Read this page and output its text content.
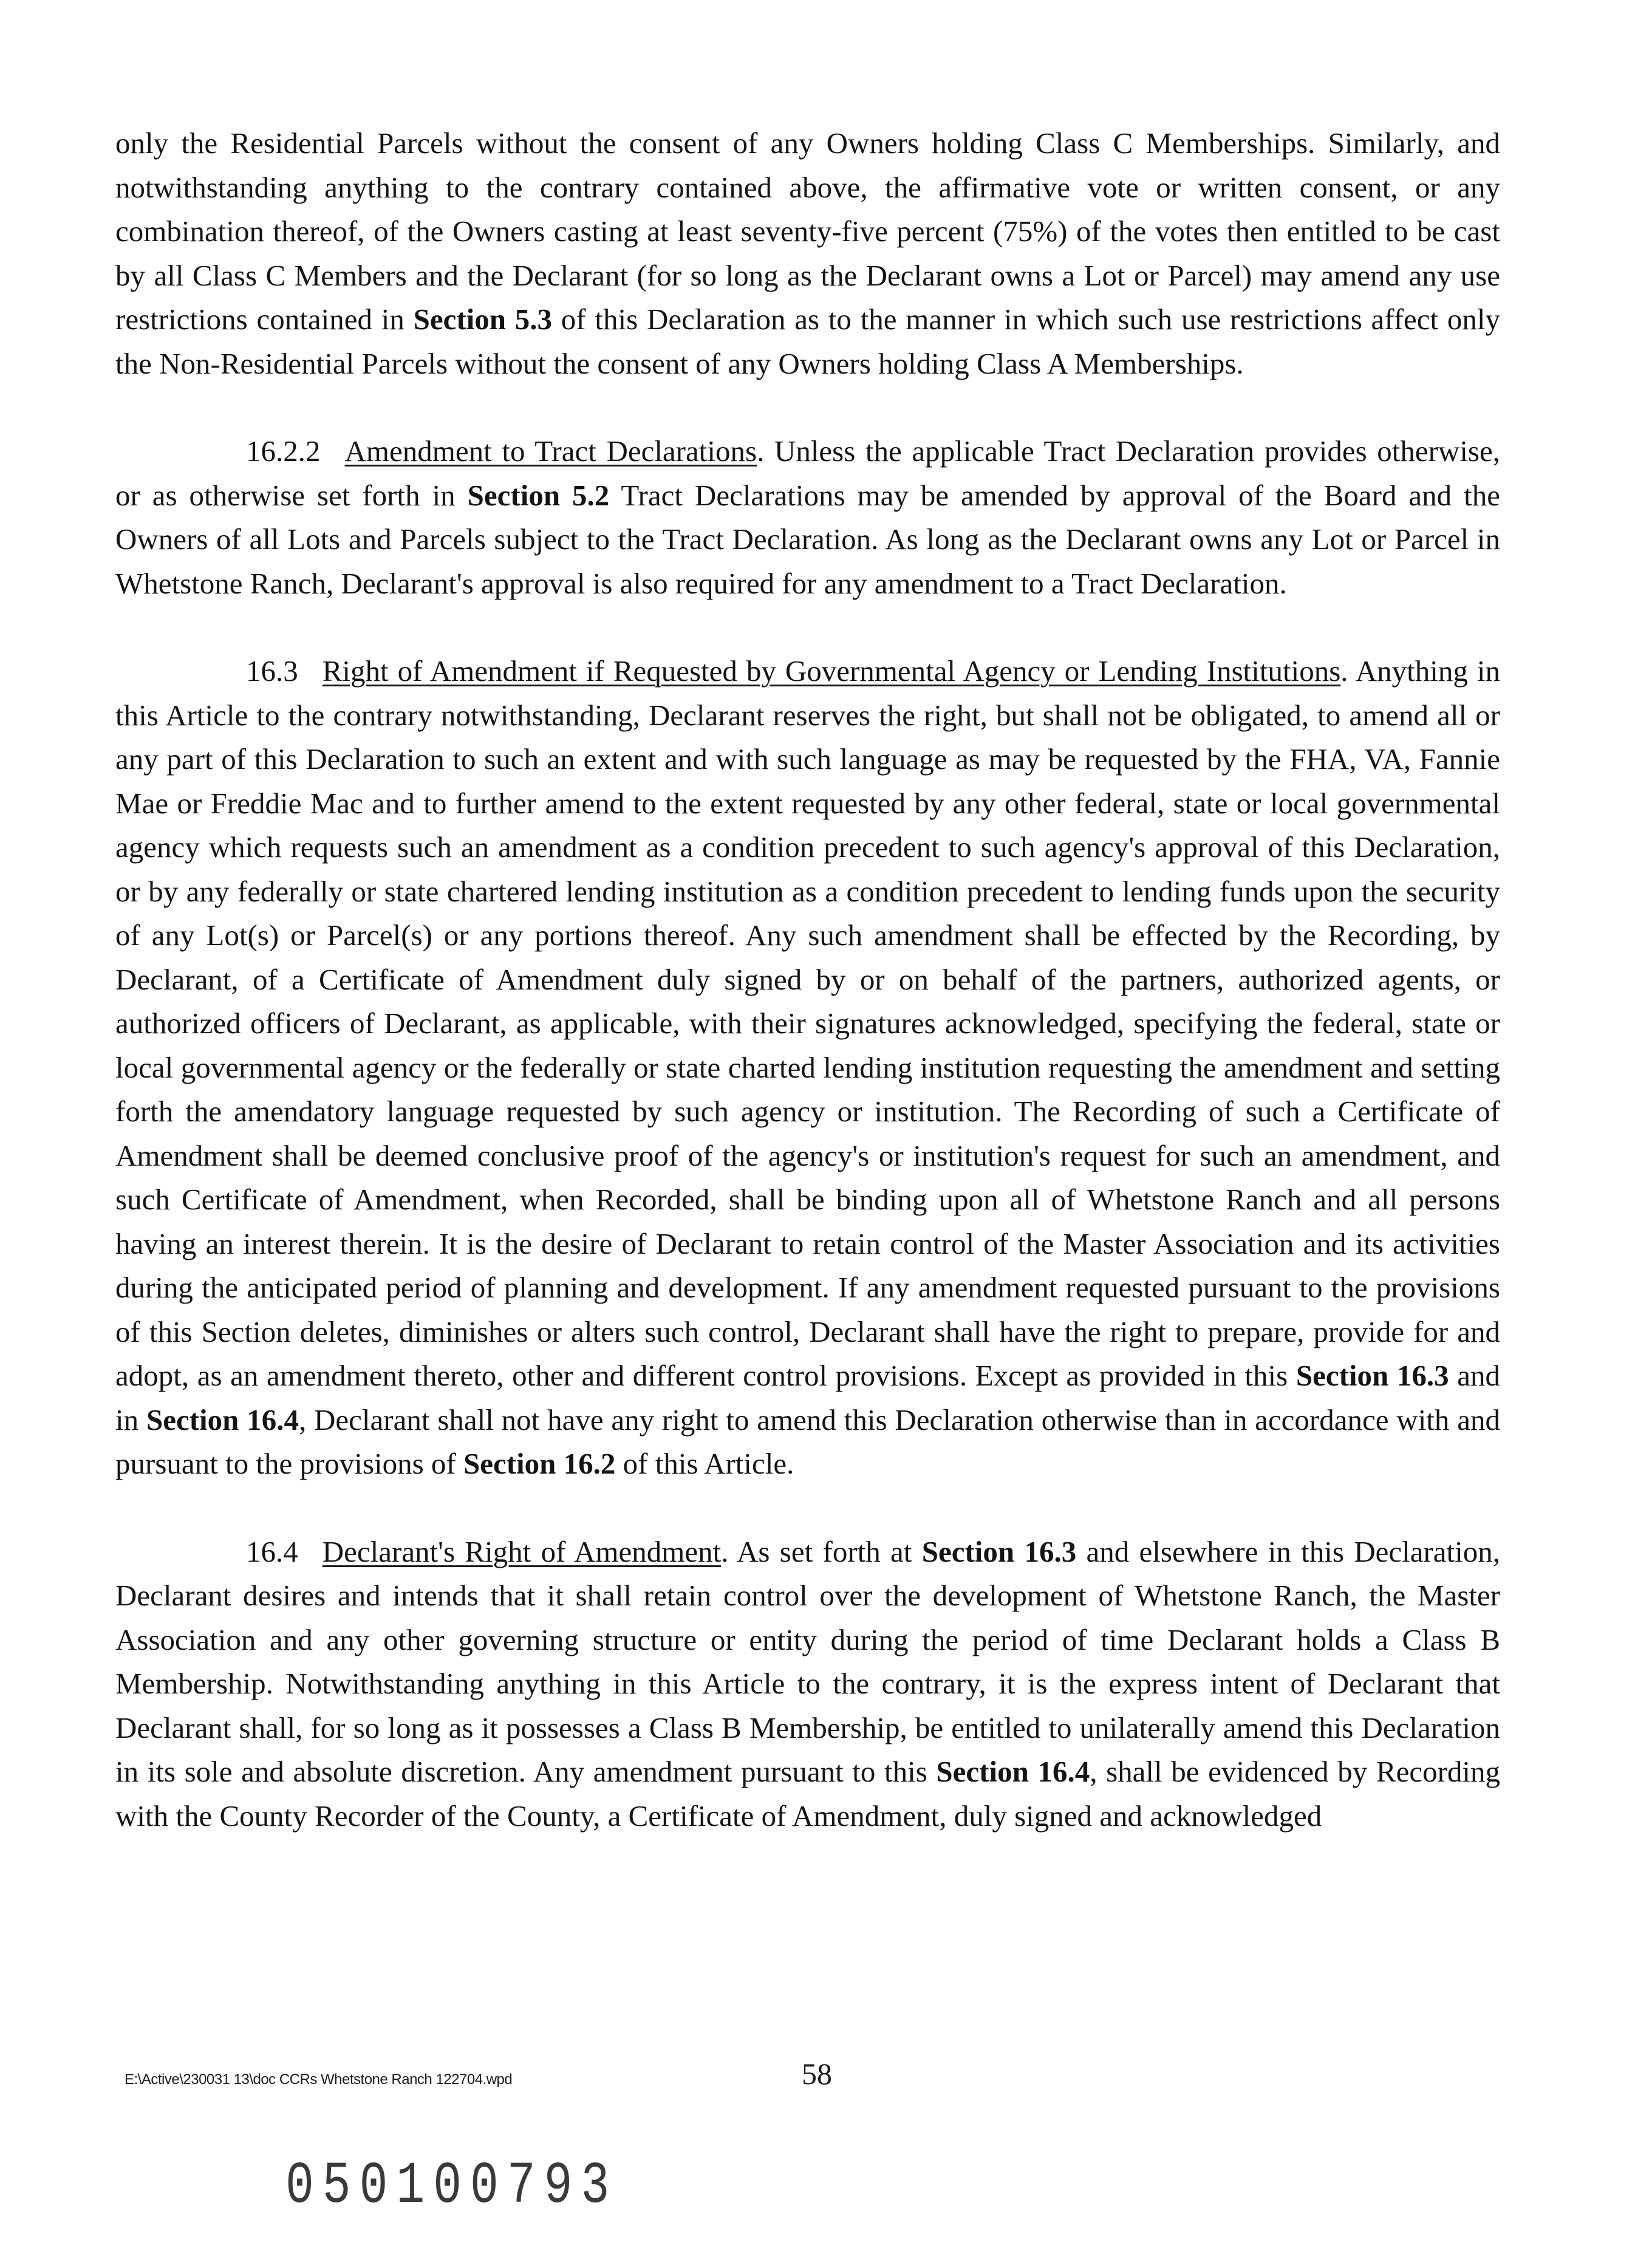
only the Residential Parcels without the consent of any Owners holding Class C Memberships. Similarly, and notwithstanding anything to the contrary contained above, the affirmative vote or written consent, or any combination thereof, of the Owners casting at least seventy-five percent (75%) of the votes then entitled to be cast by all Class C Members and the Declarant (for so long as the Declarant owns a Lot or Parcel) may amend any use restrictions contained in Section 5.3 of this Declaration as to the manner in which such use restrictions affect only the Non-Residential Parcels without the consent of any Owners holding Class A Memberships.

16.2.2 Amendment to Tract Declarations. Unless the applicable Tract Declaration provides otherwise, or as otherwise set forth in Section 5.2 Tract Declarations may be amended by approval of the Board and the Owners of all Lots and Parcels subject to the Tract Declaration. As long as the Declarant owns any Lot or Parcel in Whetstone Ranch, Declarant's approval is also required for any amendment to a Tract Declaration.

16.3 Right of Amendment if Requested by Governmental Agency or Lending Institutions. Anything in this Article to the contrary notwithstanding, Declarant reserves the right, but shall not be obligated, to amend all or any part of this Declaration to such an extent and with such language as may be requested by the FHA, VA, Fannie Mae or Freddie Mac and to further amend to the extent requested by any other federal, state or local governmental agency which requests such an amendment as a condition precedent to such agency's approval of this Declaration, or by any federally or state chartered lending institution as a condition precedent to lending funds upon the security of any Lot(s) or Parcel(s) or any portions thereof. Any such amendment shall be effected by the Recording, by Declarant, of a Certificate of Amendment duly signed by or on behalf of the partners, authorized agents, or authorized officers of Declarant, as applicable, with their signatures acknowledged, specifying the federal, state or local governmental agency or the federally or state charted lending institution requesting the amendment and setting forth the amendatory language requested by such agency or institution. The Recording of such a Certificate of Amendment shall be deemed conclusive proof of the agency's or institution's request for such an amendment, and such Certificate of Amendment, when Recorded, shall be binding upon all of Whetstone Ranch and all persons having an interest therein. It is the desire of Declarant to retain control of the Master Association and its activities during the anticipated period of planning and development. If any amendment requested pursuant to the provisions of this Section deletes, diminishes or alters such control, Declarant shall have the right to prepare, provide for and adopt, as an amendment thereto, other and different control provisions. Except as provided in this Section 16.3 and in Section 16.4, Declarant shall not have any right to amend this Declaration otherwise than in accordance with and pursuant to the provisions of Section 16.2 of this Article.

16.4 Declarant's Right of Amendment. As set forth at Section 16.3 and elsewhere in this Declaration, Declarant desires and intends that it shall retain control over the development of Whetstone Ranch, the Master Association and any other governing structure or entity during the period of time Declarant holds a Class B Membership. Notwithstanding anything in this Article to the contrary, it is the express intent of Declarant that Declarant shall, for so long as it possesses a Class B Membership, be entitled to unilaterally amend this Declaration in its sole and absolute discretion. Any amendment pursuant to this Section 16.4, shall be evidenced by Recording with the County Recorder of the County, a Certificate of Amendment, duly signed and acknowledged

E:\Active\230031 13\doc CCRs Whetstone Ranch 122704.wpd	58
050100793
